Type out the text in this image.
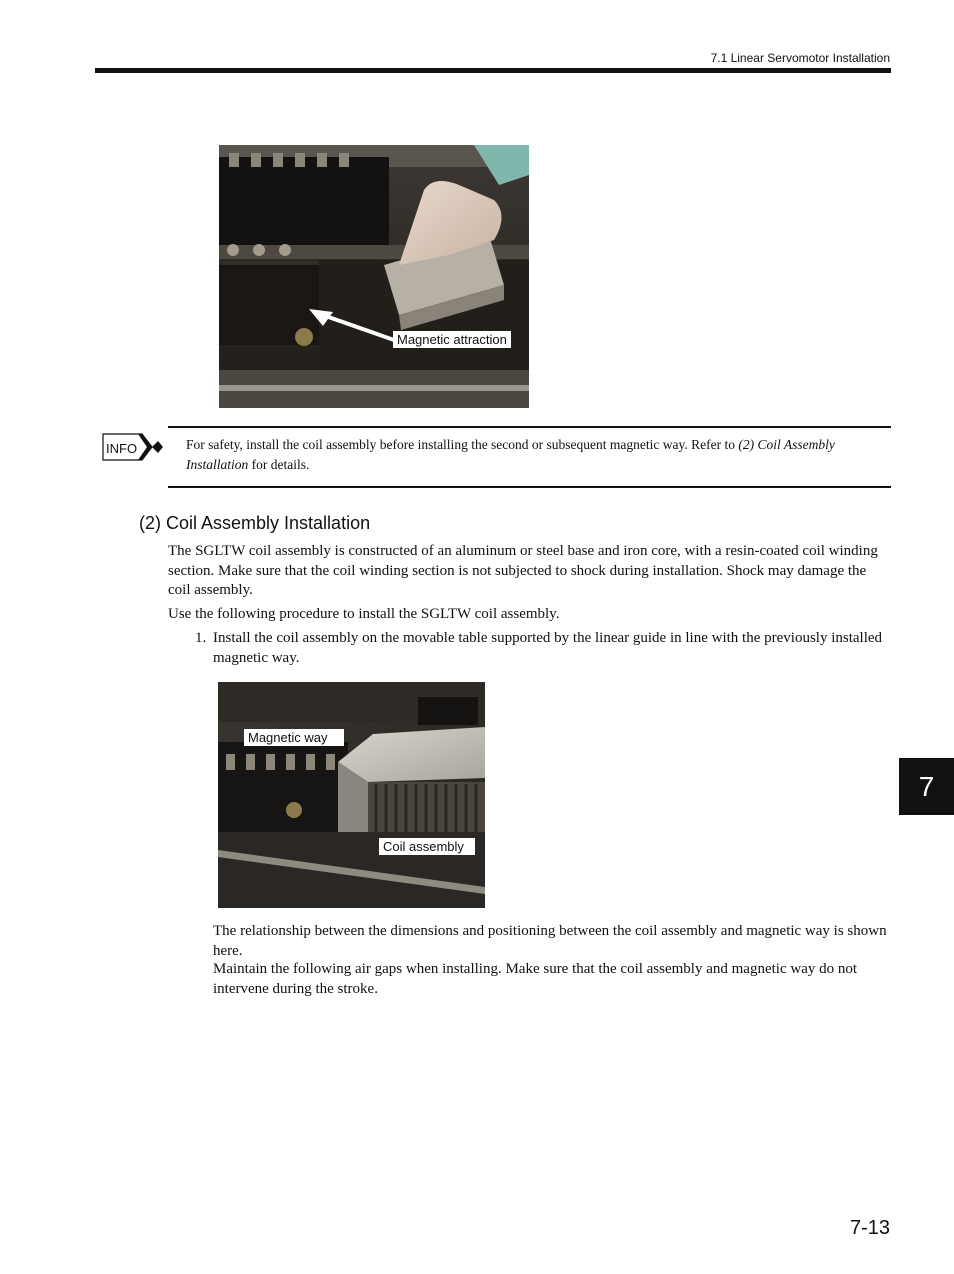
7.1 Linear Servomotor Installation
Magnetic attraction
INFO	For safety, install the coil assembly before installing the second or subsequent magnetic way. Refer to (2) Coil Assembly Installation for details.
(2) Coil Assembly Installation
The SGLTW coil assembly is constructed of an aluminum or steel base and iron core, with a resin-coated coil winding section. Make sure that the coil winding section is not subjected to shock during installation. Shock may damage the coil assembly.
Use the following procedure to install the SGLTW coil assembly.
1. Install the coil assembly on the movable table supported by the linear guide in line with the previously installed magnetic way.
Magnetic way
Coil assembly
The relationship between the dimensions and positioning between the coil assembly and magnetic way is shown here.
Maintain the following air gaps when installing. Make sure that the coil assembly and magnetic way do not intervene during the stroke.
7
7-13
